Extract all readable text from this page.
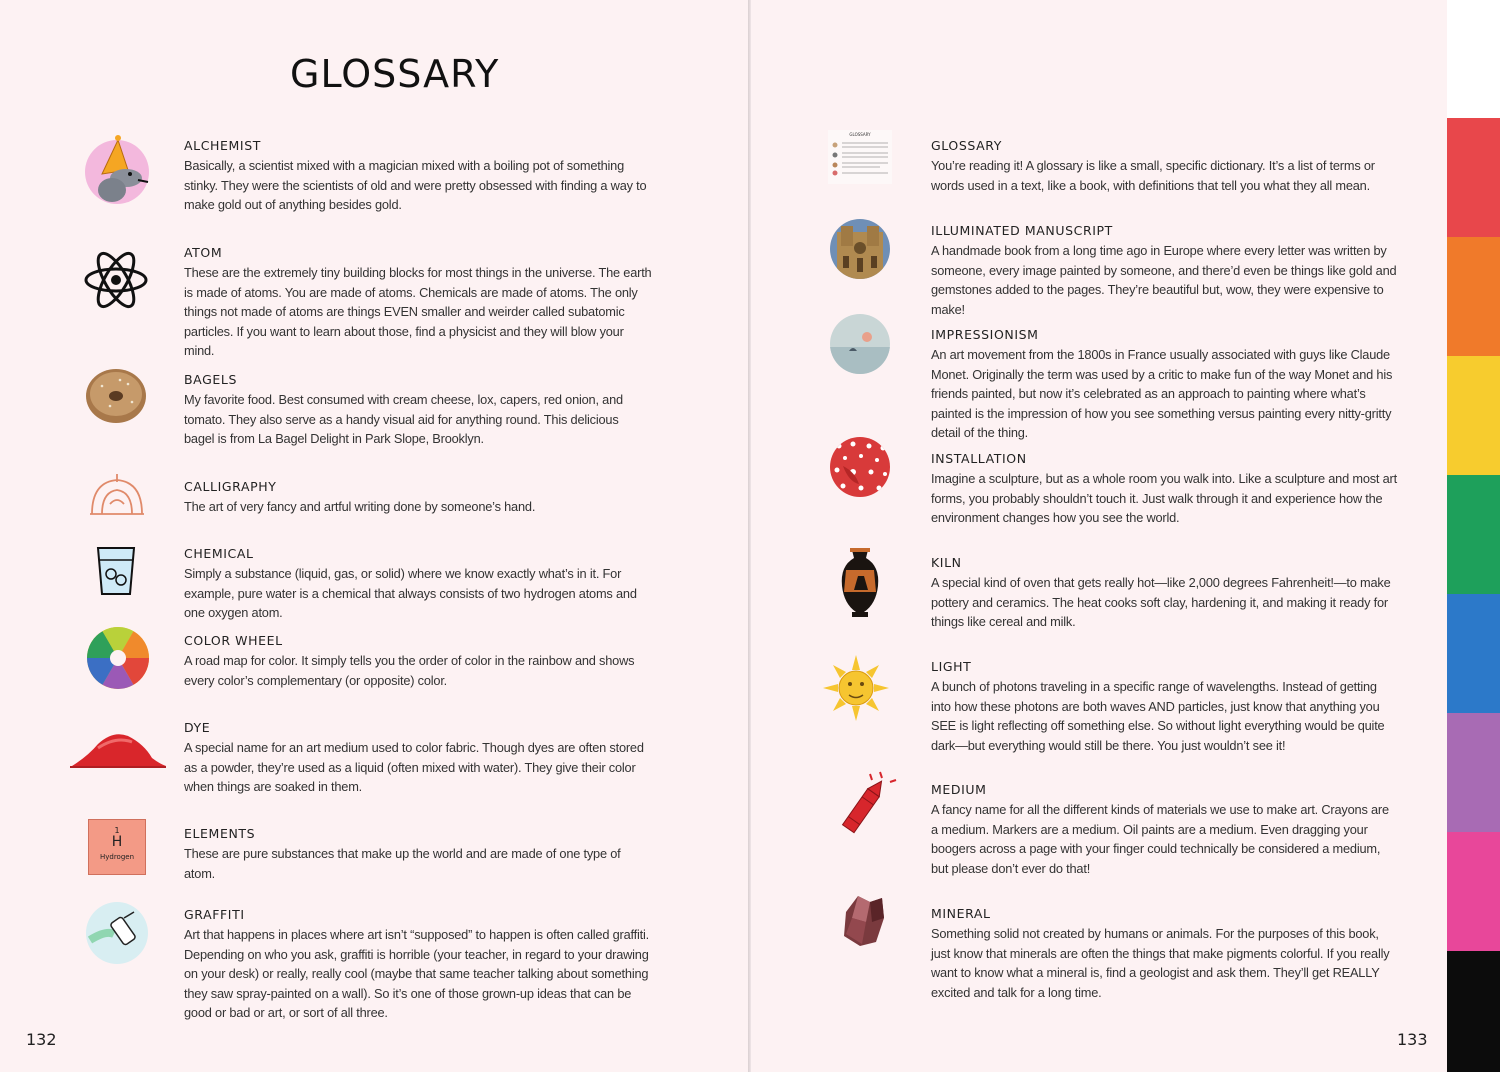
GLOSSARY
ALCHEMIST

Basically, a scientist mixed with a magician mixed with a boiling pot of something stinky. They were the scientists of old and were pretty obsessed with finding a way to make gold out of anything besides gold.

ATOM

These are the extremely tiny building blocks for most things in the universe. The earth is made of atoms. You are made of atoms. Chemicals are made of atoms. The only things not made of atoms are things EVEN smaller and weirder called subatomic particles. If you want to learn about those, find a physicist and they will blow your mind.

BAGELS

My favorite food. Best consumed with cream cheese, lox, capers, red onion, and tomato. They also serve as a handy visual aid for anything round. This delicious bagel is from La Bagel Delight in Park Slope, Brooklyn.

CALLIGRAPHY

The art of very fancy and artful writing done by someone’s hand.

CHEMICAL

Simply a substance (liquid, gas, or solid) where we know exactly what’s in it. For example, pure water is a chemical that always consists of two hydrogen atoms and one oxygen atom.

COLOR WHEEL

A road map for color. It simply tells you the order of color in the rainbow and shows every color’s complementary (or opposite) color.

DYE

A special name for an art medium used to color fabric. Though dyes are often stored as a powder, they’re used as a liquid (often mixed with water). They give their color when things are soaked in them.

1
H
Hydrogen
ELEMENTS

These are pure substances that make up the world and are made of one type of atom.

GRAFFITI

Art that happens in places where art isn’t “supposed” to happen is often called graffiti. Depending on who you ask, graffiti is horrible (your teacher, in regard to your drawing on your desk) or really, really cool (maybe that same teacher talking about something they saw spray-painted on a wall). So it’s one of those grown-up ideas that can be good or bad or art, or sort of all three.

132	133
GLOSSARY
GLOSSARY

You’re reading it! A glossary is like a small, specific dictionary. It’s a list of terms or words used in a text, like a book, with definitions that tell you what they all mean.

ILLUMINATED MANUSCRIPT

A handmade book from a long time ago in Europe where every letter was written by someone, every image painted by someone, and there’d even be things like gold and gemstones added to the pages. They’re beautiful but, wow, they were expensive to make!

IMPRESSIONISM

An art movement from the 1800s in France usually associated with guys like Claude Monet. Originally the term was used by a critic to make fun of the way Monet and his friends painted, but now it’s celebrated as an approach to painting where what’s painted is the impression of how you see something versus painting every nitty-gritty detail of the thing.

INSTALLATION

Imagine a sculpture, but as a whole room you walk into. Like a sculpture and most art forms, you probably shouldn’t touch it. Just walk through it and experience how the environment changes how you see the world.

KILN

A special kind of oven that gets really hot—like 2,000 degrees Fahrenheit!—to make pottery and ceramics. The heat cooks soft clay, hardening it, and making it ready for things like cereal and milk.

LIGHT

A bunch of photons traveling in a specific range of wavelengths. Instead of getting into how these photons are both waves AND particles, just know that anything you SEE is light reflecting off something else. So without light everything would be quite dark—but everything would still be there. You just wouldn’t see it!

MEDIUM

A fancy name for all the different kinds of materials we use to make art. Crayons are a medium. Markers are a medium. Oil paints are a medium. Even dragging your boogers across a page with your finger could technically be considered a medium, but please don’t ever do that!

MINERAL

Something solid not created by humans or animals. For the purposes of this book, just know that minerals are often the things that make pigments colorful. If you really want to know what a mineral is, find a geologist and ask them. They’ll get REALLY excited and talk for a long time.
